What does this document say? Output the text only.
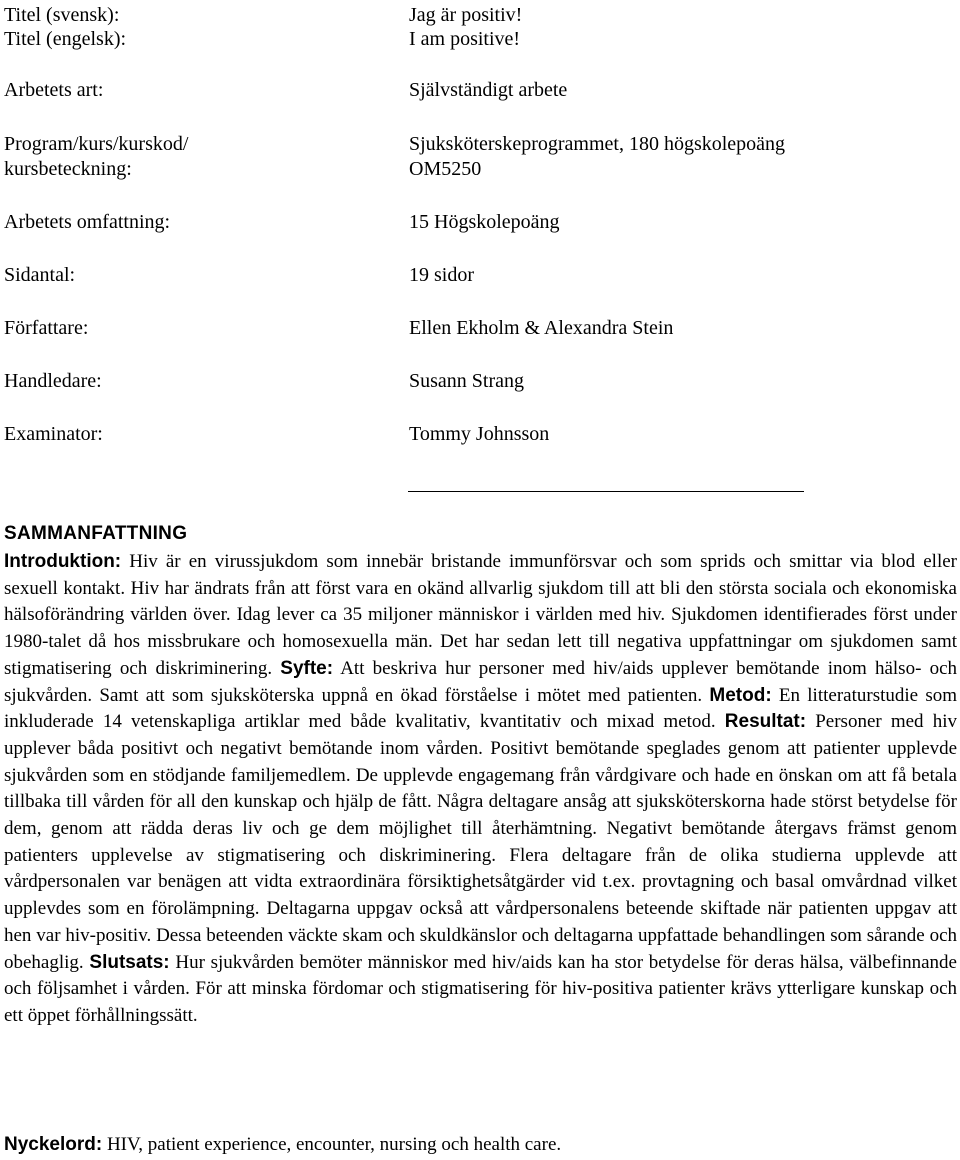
Titel (svensk):	Jag är positiv!
Titel (engelsk):	I am positive!
Arbetets art:	Självständigt arbete
Program/kurs/kurskod/	Sjuksköterskeprogrammet, 180 högskolepoäng
kursbeteckning:	OM5250
Arbetets omfattning:	15 Högskolepoäng
Sidantal:	19 sidor
Författare:	Ellen Ekholm & Alexandra Stein
Handledare:	Susann Strang
Examinator:	Tommy Johnsson
SAMMANFATTNING
Introduktion: Hiv är en virussjukdom som innebär bristande immunförsvar och som sprids och smittar via blod eller sexuell kontakt. Hiv har ändrats från att först vara en okänd allvarlig sjukdom till att bli den största sociala och ekonomiska hälsoförändring världen över. Idag lever ca 35 miljoner människor i världen med hiv. Sjukdomen identifierades först under 1980-talet då hos missbrukare och homosexuella män. Det har sedan lett till negativa uppfattningar om sjukdomen samt stigmatisering och diskriminering. Syfte: Att beskriva hur personer med hiv/aids upplever bemötande inom hälso- och sjukvården. Samt att som sjuksköterska uppnå en ökad förståelse i mötet med patienten. Metod: En litteraturstudie som inkluderade 14 vetenskapliga artiklar med både kvalitativ, kvantitativ och mixad metod. Resultat: Personer med hiv upplever båda positivt och negativt bemötande inom vården. Positivt bemötande speglades genom att patienter upplevde sjukvården som en stödjande familjemedlem. De upplevde engagemang från vårdgivare och hade en önskan om att få betala tillbaka till vården för all den kunskap och hjälp de fått. Några deltagare ansåg att sjuksköterskorna hade störst betydelse för dem, genom att rädda deras liv och ge dem möjlighet till återhämtning. Negativt bemötande återgavs främst genom patienters upplevelse av stigmatisering och diskriminering. Flera deltagare från de olika studierna upplevde att vårdpersonalen var benägen att vidta extraordinära försiktighetsåtgärder vid t.ex. provtagning och basal omvårdnad vilket upplevdes som en förolämpning. Deltagarna uppgav också att vårdpersonalens beteende skiftade när patienten uppgav att hen var hiv-positiv. Dessa beteenden väckte skam och skuldkänslor och deltagarna uppfattade behandlingen som sårande och obehaglig. Slutsats: Hur sjukvården bemöter människor med hiv/aids kan ha stor betydelse för deras hälsa, välbefinnande och följsamhet i vården. För att minska fördomar och stigmatisering för hiv-positiva patienter krävs ytterligare kunskap och ett öppet förhållningssätt.
Nyckelord: HIV, patient experience, encounter, nursing och health care.
